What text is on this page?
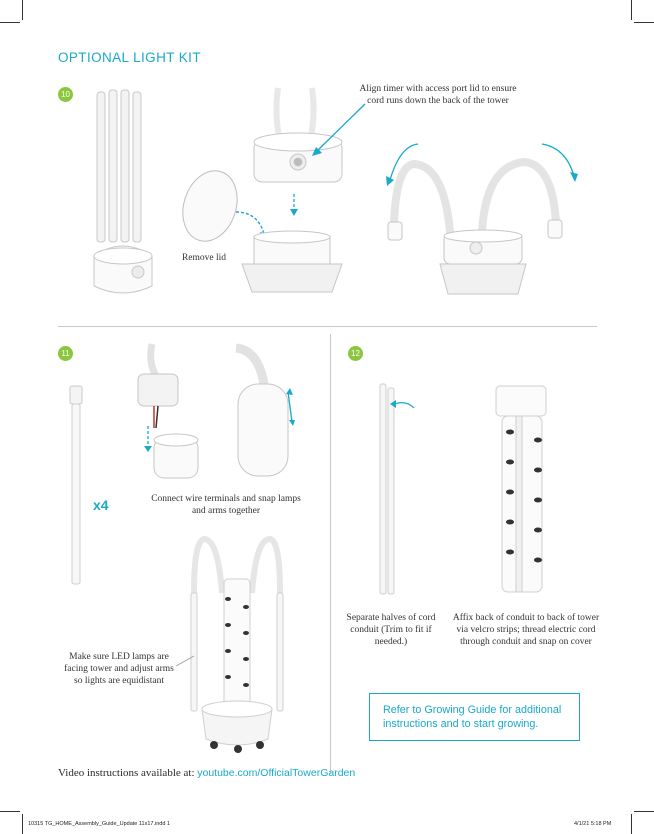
OPTIONAL LIGHT KIT
10
Remove lid
Align timer with access port lid to ensure cord runs down the back of the tower
11
x4	Connect wire terminals and snap lamps and arms together
Make sure LED lamps are facing tower and adjust arms so lights are equidistant
12
Separate halves of cord conduit (Trim to fit if needed.)
Affix back of conduit to back of tower via velcro strips; thread electric cord through conduit and snap on cover
Refer to Growing Guide for additional instructions and to start growing.
Video instructions available at: youtube.com/OfficialTowerGarden
10315 TG_HOME_Assembly_Guide_Update 11x17.indd 1	4/1/21 5:18 PM
